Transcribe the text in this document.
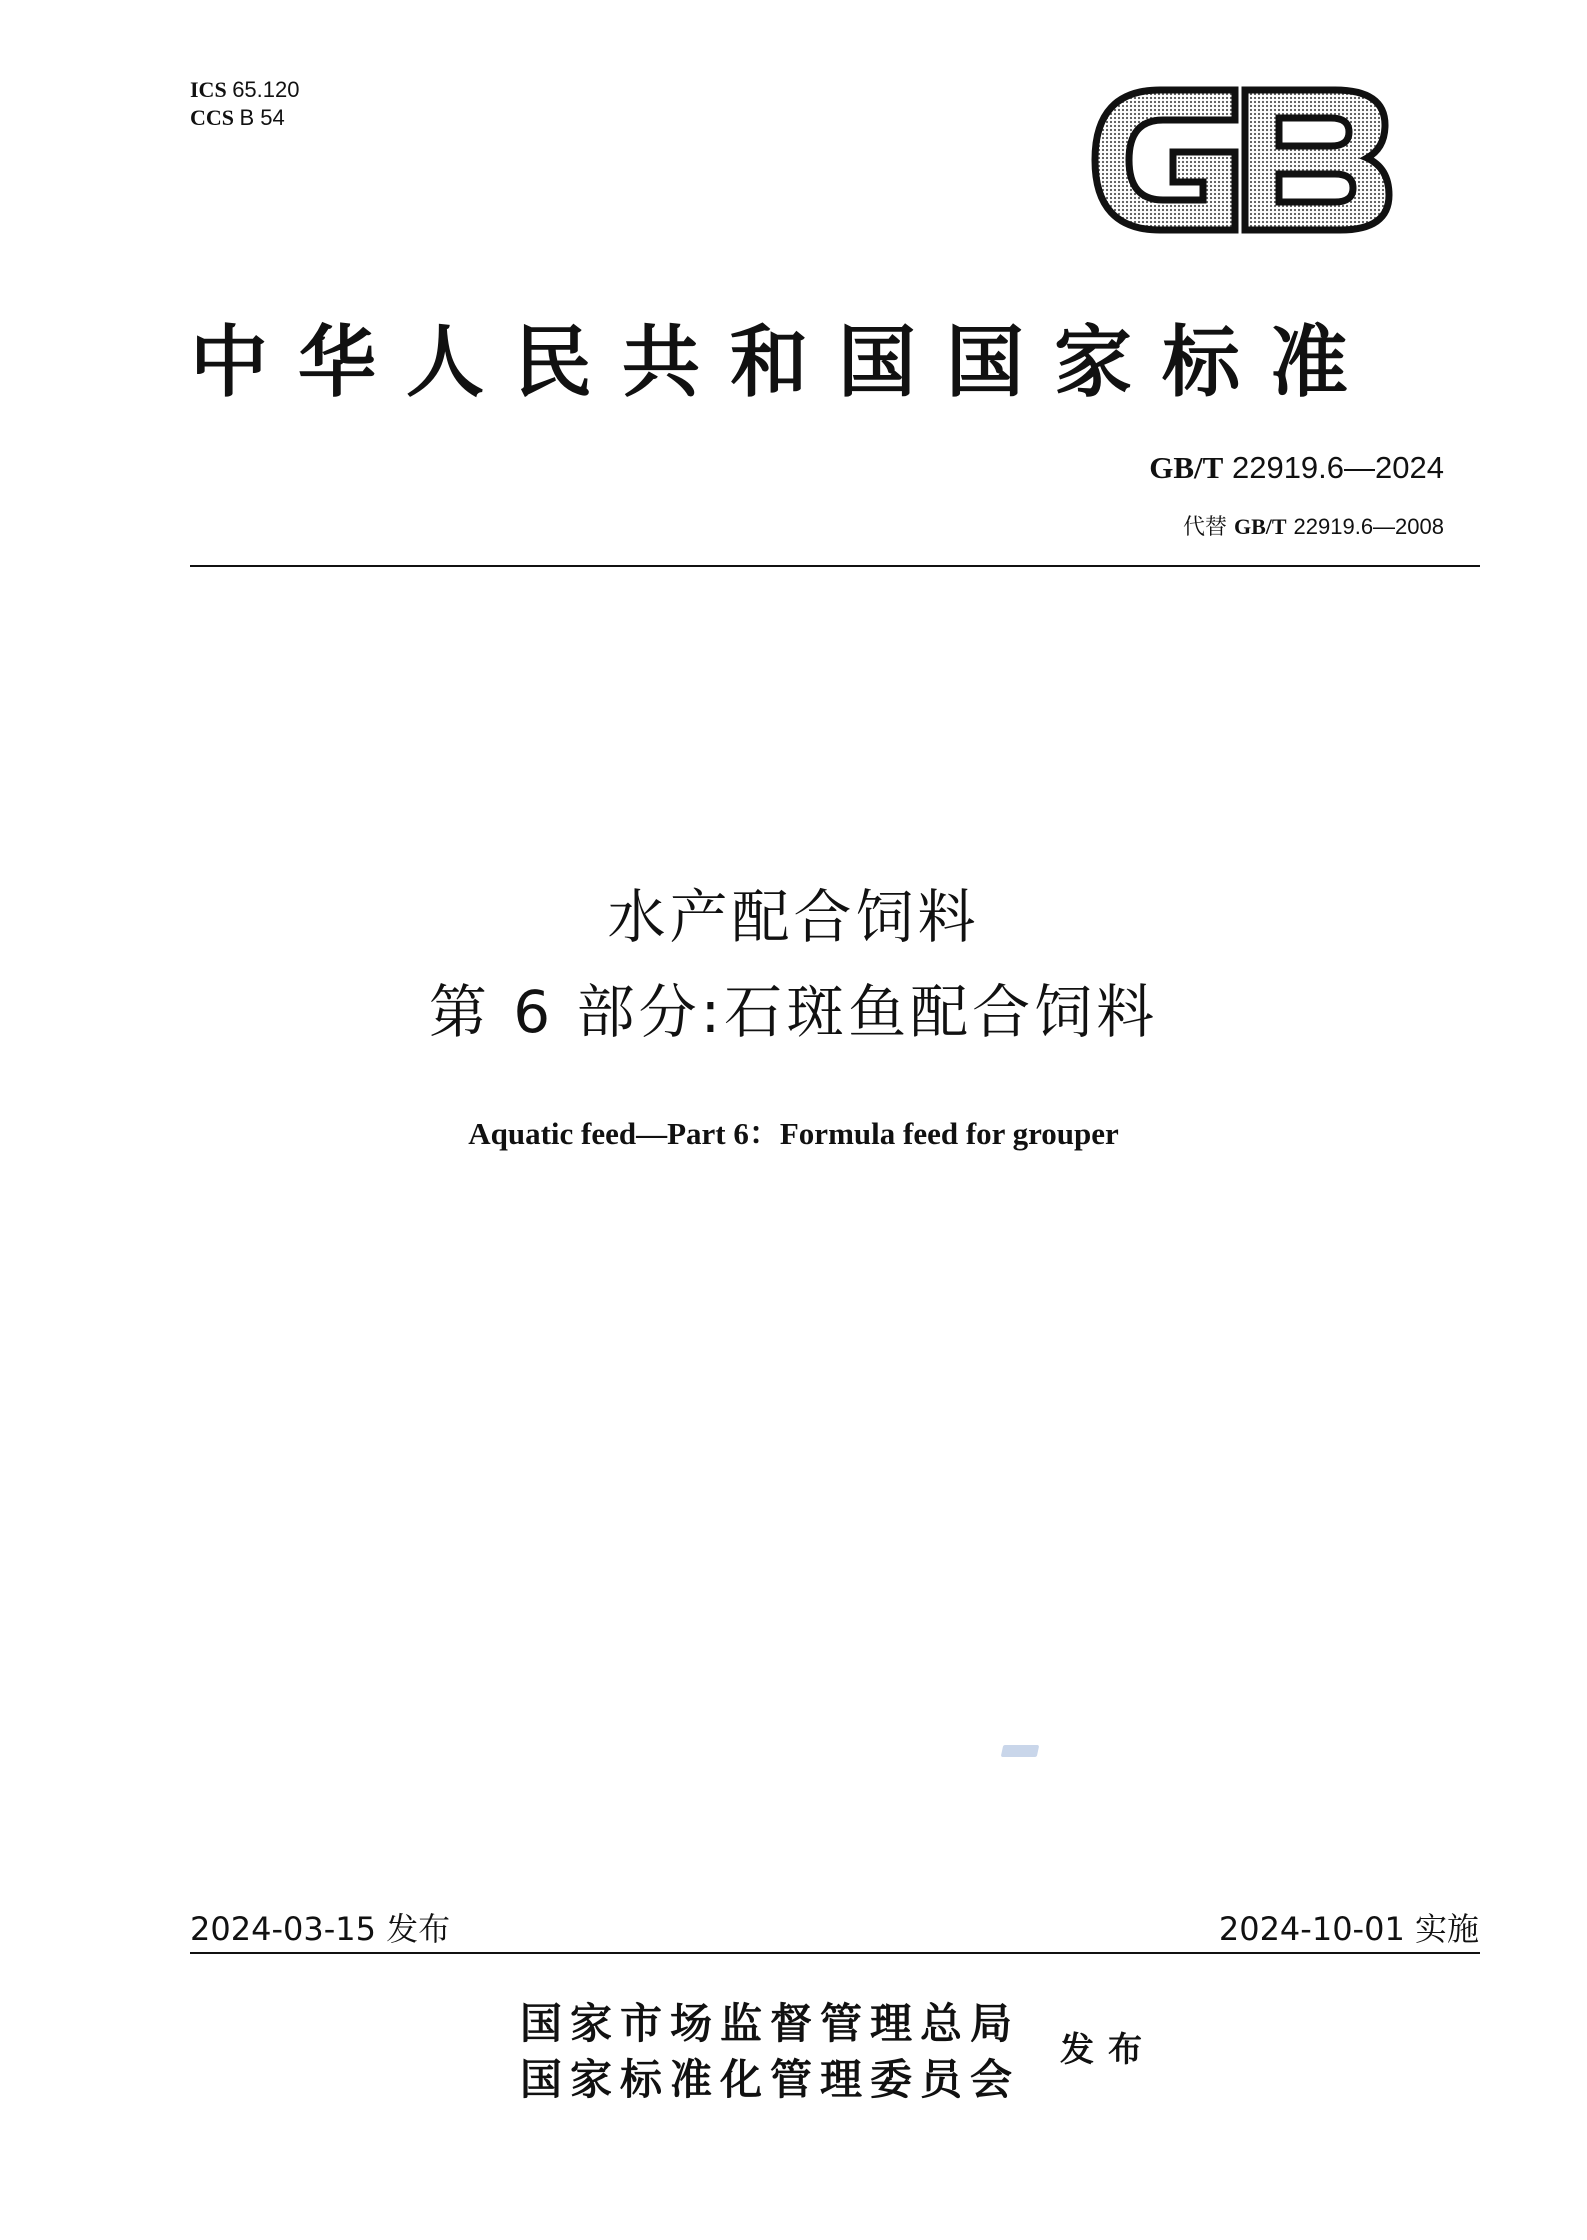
ICS 65.120
CCS B 54
中华人民共和国国家标准
GB/T 22919.6—2024
代替 GB/T 22919.6—2008
水产配合饲料
第 6 部分:石斑鱼配合饲料
Aquatic feed—Part 6：Formula feed for grouper
2024-03-15 发布	2024-10-01 实施
国家市场监督管理总局
国家标准化管理委员会
发布
